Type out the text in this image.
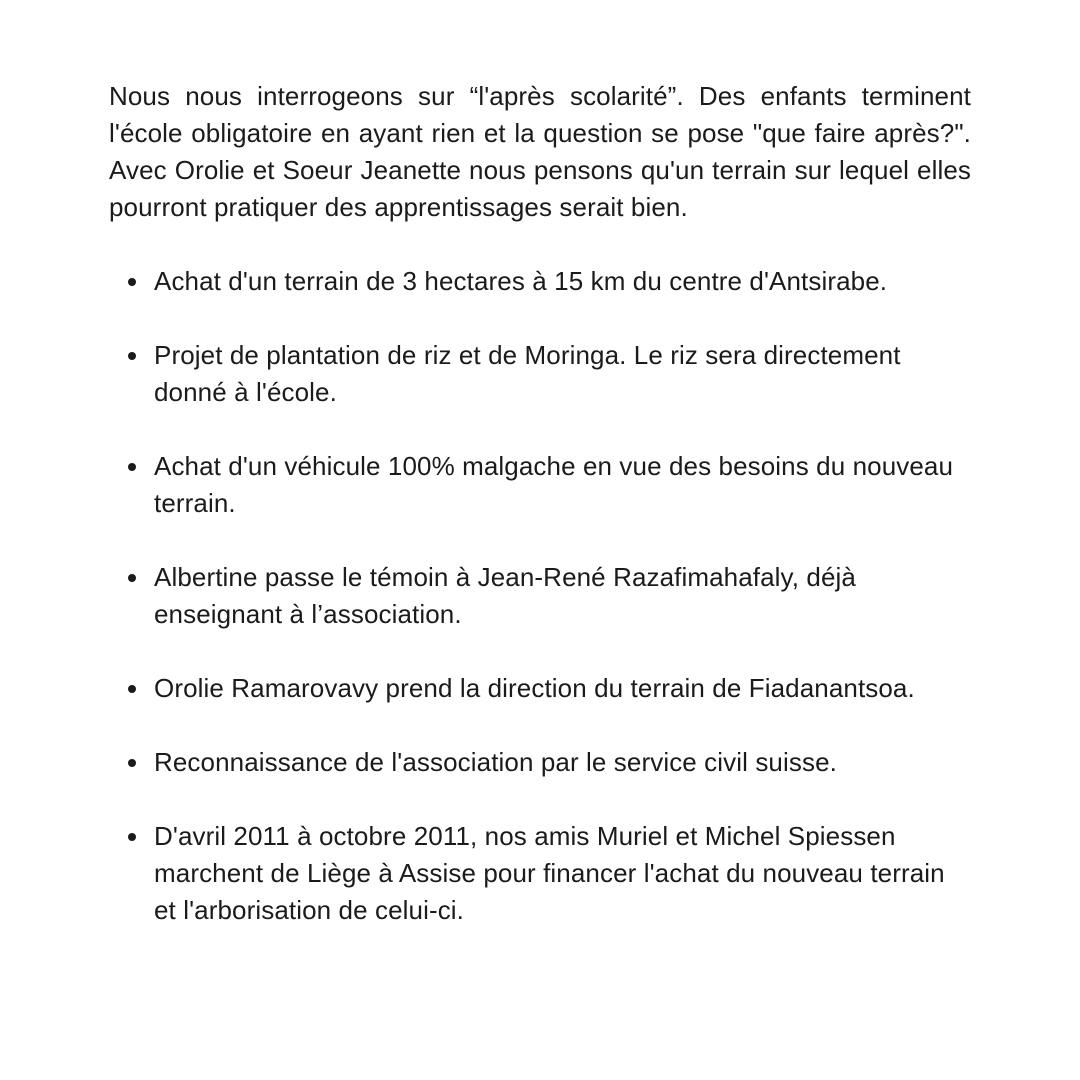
Nous nous interrogeons sur “l'après scolarité”. Des enfants terminent l'école obligatoire en ayant rien et la question se pose "que faire après?". Avec Orolie et Soeur Jeanette nous pensons qu'un terrain sur lequel elles pourront pratiquer des apprentissages serait bien.

Achat d'un terrain de 3 hectares à 15 km du centre d'Antsirabe.
Projet de plantation de riz et de Moringa. Le riz sera directement donné à l'école.
Achat d'un véhicule 100% malgache en vue des besoins du nouveau terrain.
Albertine passe le témoin à Jean-René Razafimahafaly, déjà enseignant à l’association.
Orolie Ramarovavy prend la direction du terrain de Fiadanantsoa.
Reconnaissance de l'association par le service civil suisse.
D'avril 2011 à octobre 2011, nos amis Muriel et Michel Spiessen marchent de Liège à Assise pour financer l'achat du nouveau terrain et l'arborisation de celui-ci.
